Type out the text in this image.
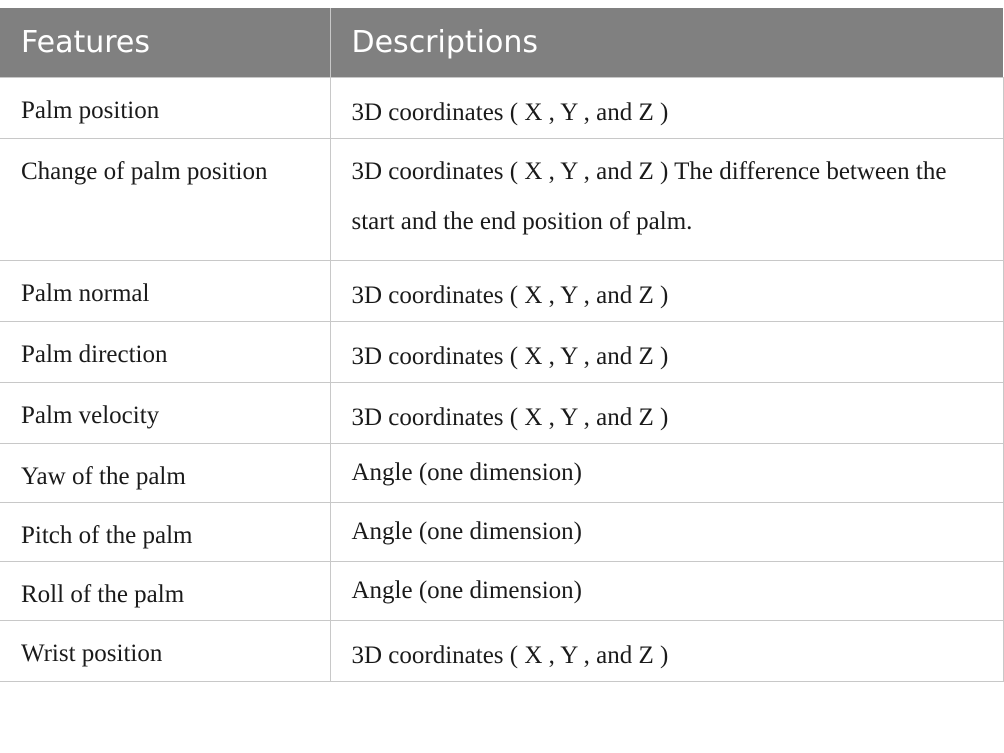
Features	Descriptions
Palm position	3D coordinates ( X , Y , and Z )
Change of palm position	3D coordinates ( X , Y , and Z ) The difference between the start and the end position of palm.
Palm normal	3D coordinates ( X , Y , and Z )
Palm direction	3D coordinates ( X , Y , and Z )
Palm velocity	3D coordinates ( X , Y , and Z )
Yaw of the palm	Angle (one dimension)
Pitch of the palm	Angle (one dimension)
Roll of the palm	Angle (one dimension)
Wrist position	3D coordinates ( X , Y , and Z )
